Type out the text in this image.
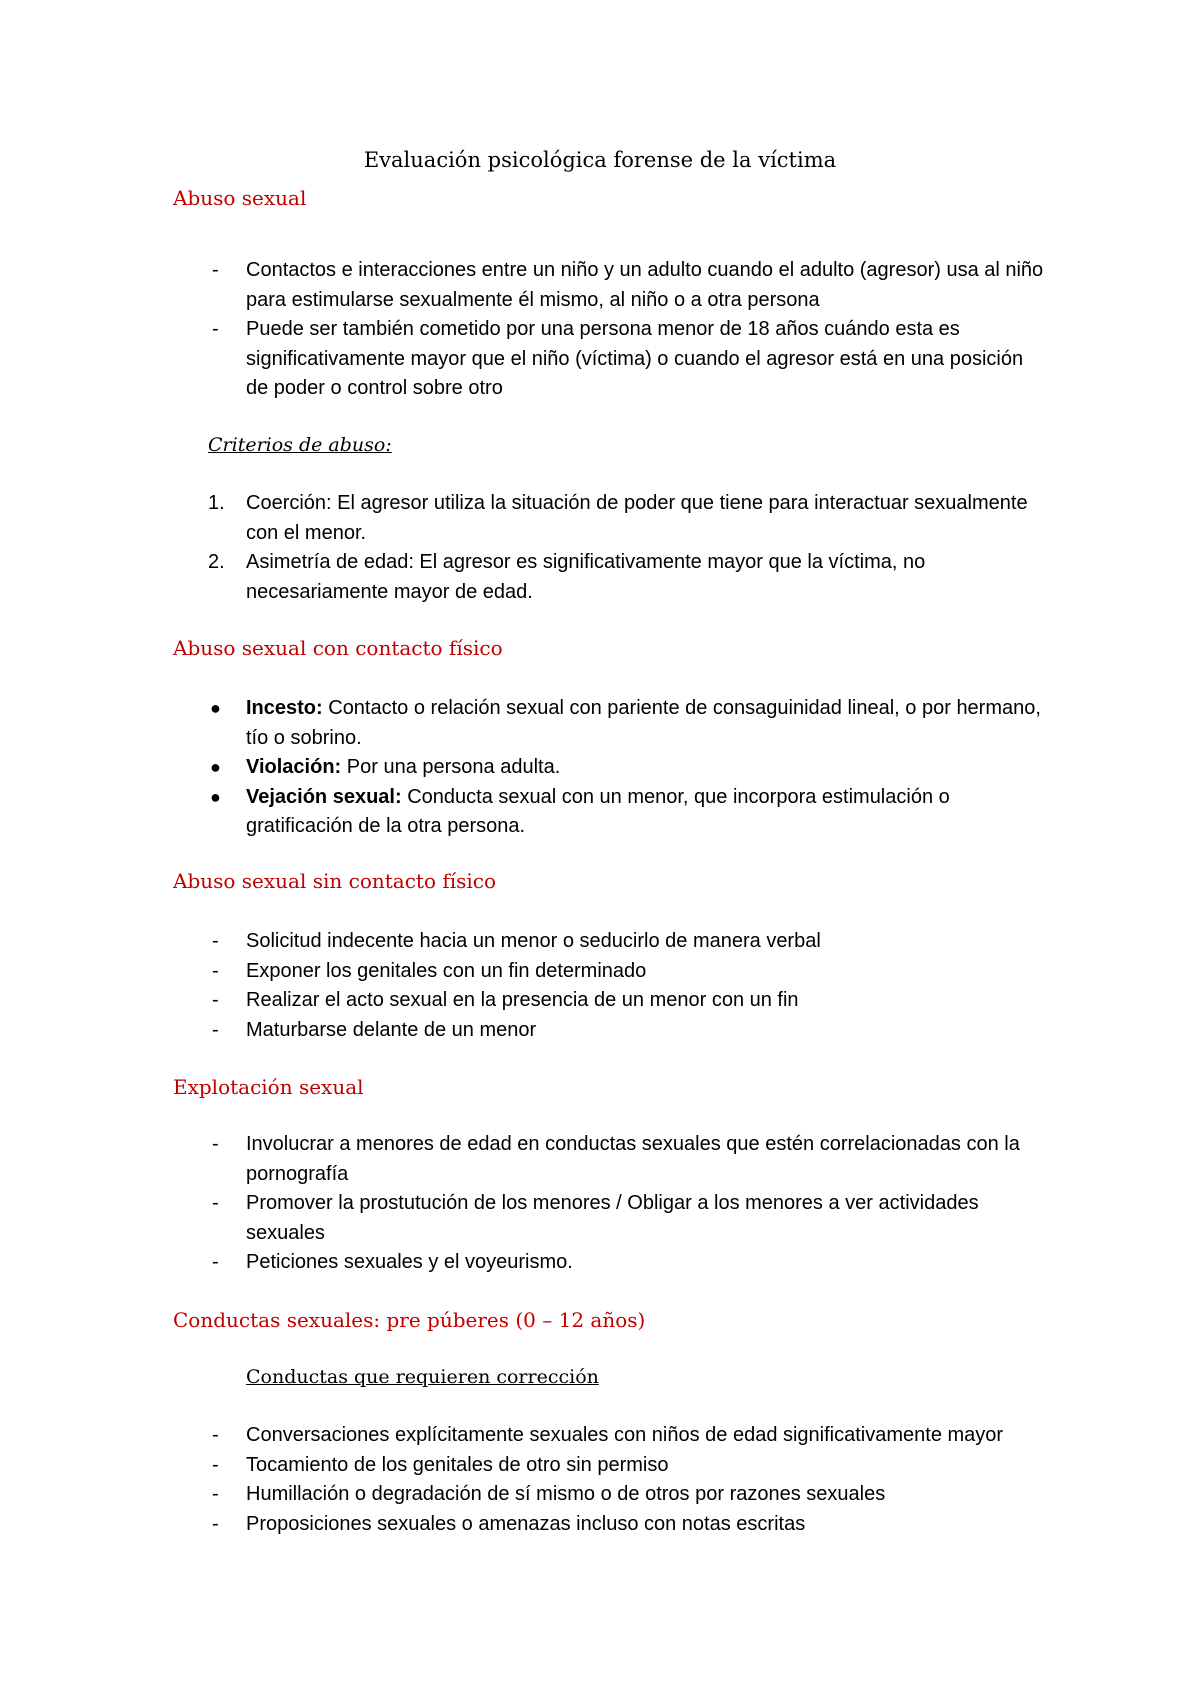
Evaluación psicológica forense de la víctima
Abuso sexual
-	Contactos e interacciones entre un niño y un adulto cuando el adulto (agresor) usa al niño para estimularse sexualmente él mismo, al niño o a otra persona
-	Puede ser también cometido por una persona menor de 18 años cuándo esta es significativamente mayor que el niño (víctima) o cuando el agresor está en una posición de poder o control sobre otro
Criterios de abuso:
1.	Coerción: El agresor utiliza la situación de poder que tiene para interactuar sexualmente con el menor.
2.	Asimetría de edad: El agresor es significativamente mayor que la víctima, no necesariamente mayor de edad.
Abuso sexual con contacto físico
●	Incesto: Contacto o relación sexual con pariente de consaguinidad lineal, o por hermano, tío o sobrino.
●	Violación: Por una persona adulta.
●	Vejación sexual: Conducta sexual con un menor, que incorpora estimulación o gratificación de la otra persona.
Abuso sexual sin contacto físico
-	Solicitud indecente hacia un menor o seducirlo de manera verbal
-	Exponer los genitales con un fin determinado
-	Realizar el acto sexual en la presencia de un menor con un fin
-	Maturbarse delante de un menor
Explotación sexual
-	Involucrar a menores de edad en conductas sexuales que estén correlacionadas con la pornografía
-	Promover la prostutución de los menores / Obligar a los menores a ver actividades sexuales
-	Peticiones sexuales y el voyeurismo.
Conductas sexuales: pre púberes (0 – 12 años)
Conductas que requieren corrección
-	Conversaciones explícitamente sexuales con niños de edad significativamente mayor
-	Tocamiento de los genitales de otro sin permiso
-	Humillación o degradación de sí mismo o de otros por razones sexuales
-	Proposiciones sexuales o amenazas incluso con notas escritas
